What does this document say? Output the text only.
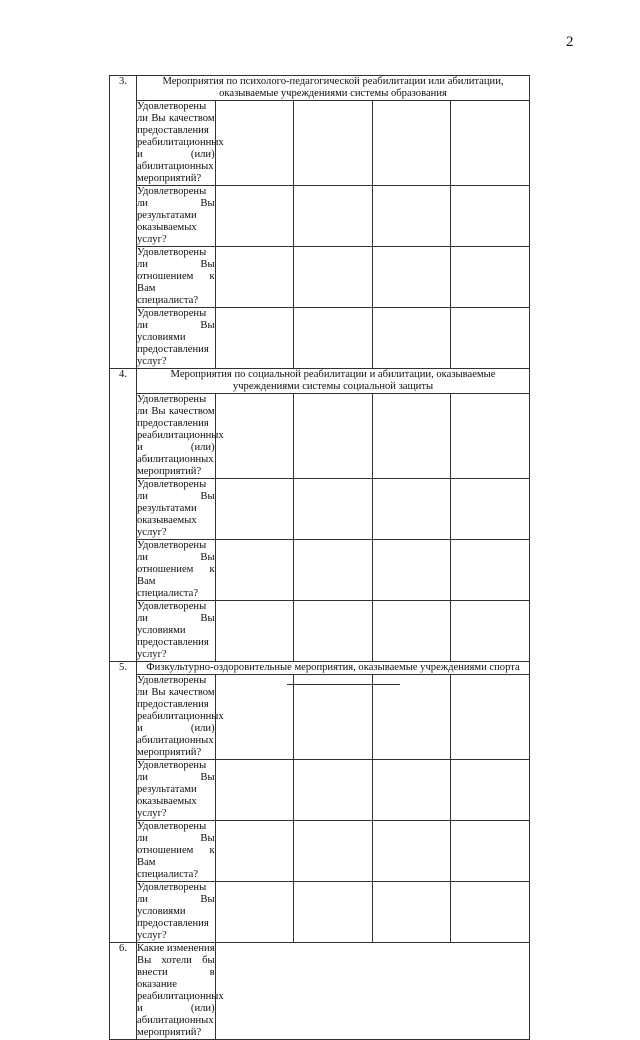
2
3.	Мероприятия по психолого-педагогической реабилитации или абилитации, оказываемые учреждениями системы образования				
	Удовлетворены ли Вы качеством предоставления реабилитационных и (или) абилитационных мероприятий?				
	Удовлетворены ли Вы результатами оказываемых услуг?				
	Удовлетворены ли Вы отношением к Вам специалиста?				
	Удовлетворены ли Вы условиями предоставления услуг?				
4.	Мероприятия по социальной реабилитации и абилитации, оказываемые учреждениями системы социальной защиты				
	Удовлетворены ли Вы качеством предоставления реабилитационных и (или) абилитационных мероприятий?				
	Удовлетворены ли Вы результатами оказываемых услуг?				
	Удовлетворены ли Вы отношением к Вам специалиста?				
	Удовлетворены ли Вы условиями предоставления услуг?				
5.	Физкультурно-оздоровительные мероприятия, оказываемые учреждениями спорта				
	Удовлетворены ли Вы качеством предоставления реабилитационных и (или) абилитационных мероприятий?				
	Удовлетворены ли Вы результатами оказываемых услуг?				
	Удовлетворены ли Вы отношением к Вам специалиста?				
	Удовлетворены ли Вы условиями предоставления услуг?				
6.	Какие изменения Вы хотели бы внести в оказание реабилитационных и (или) абилитационных мероприятий?				
